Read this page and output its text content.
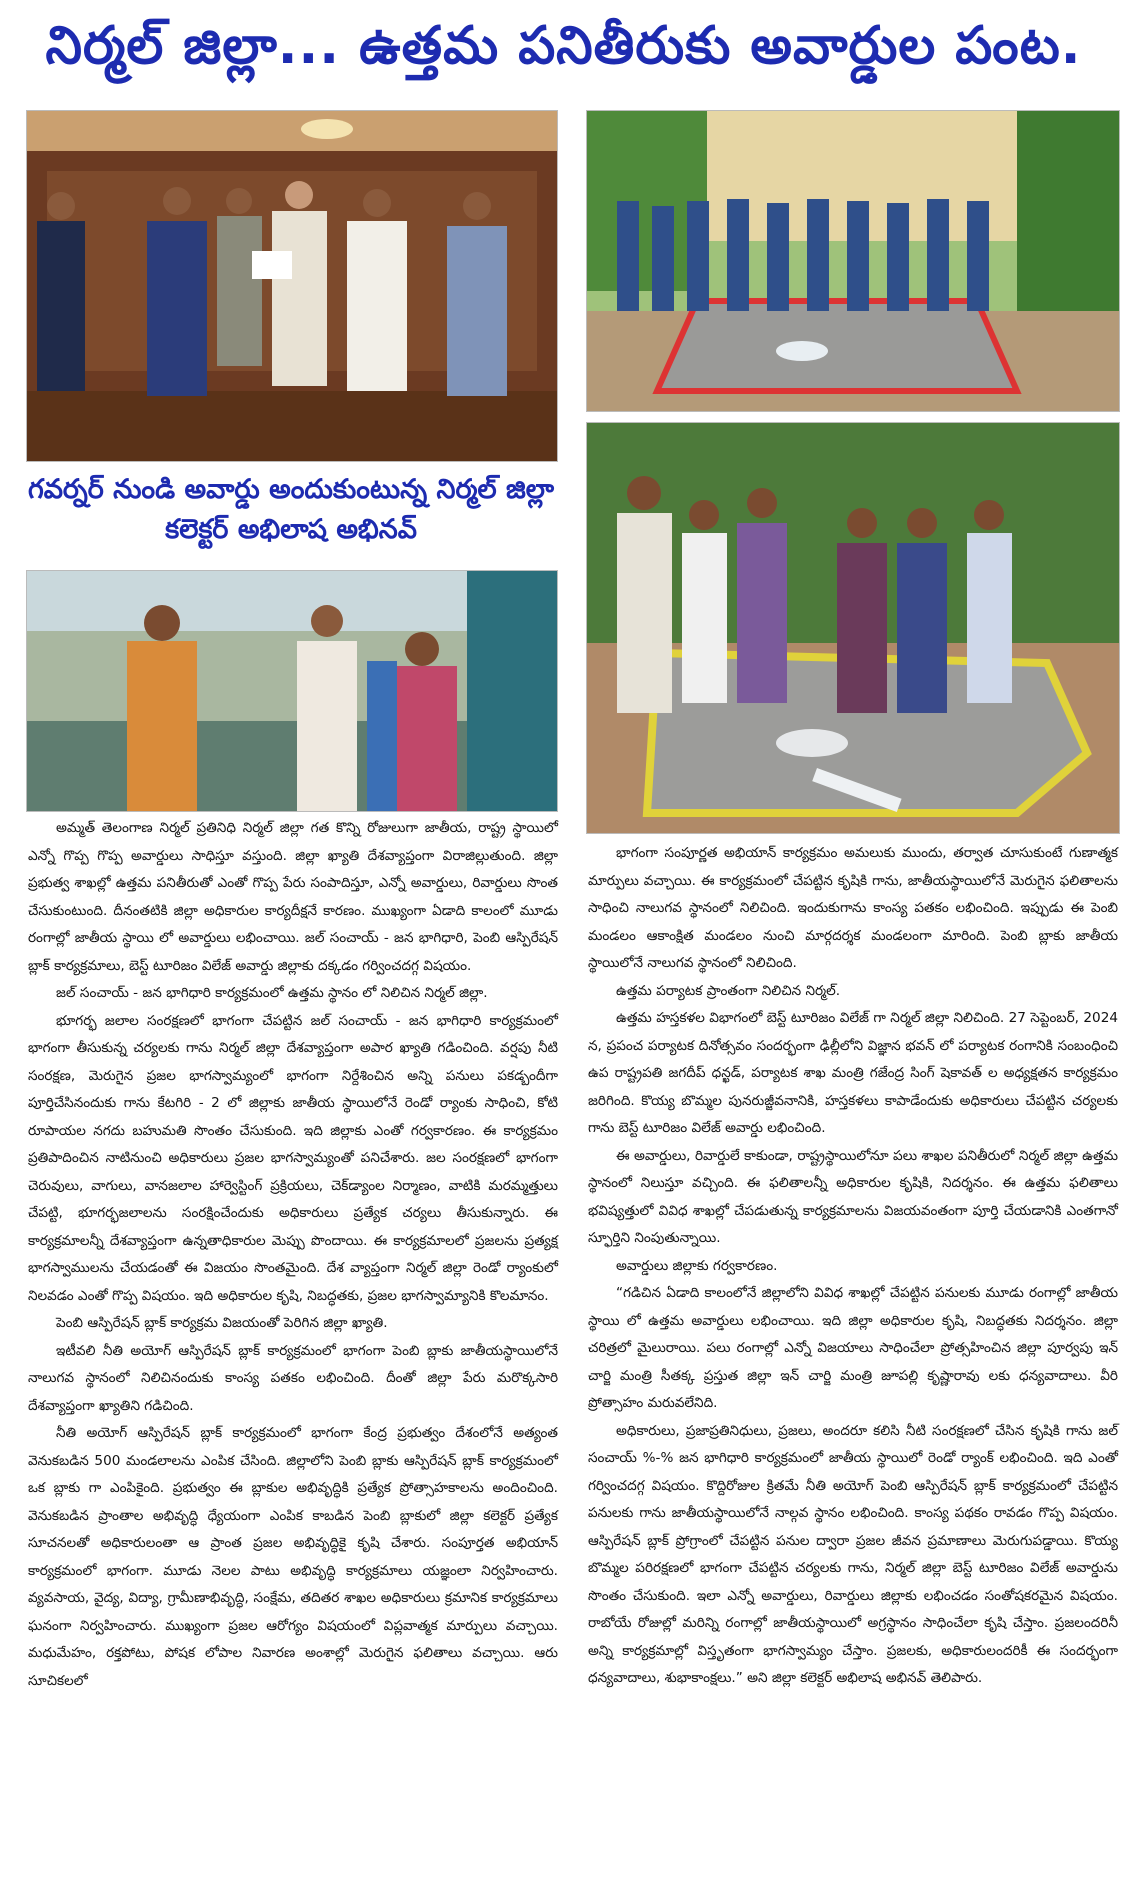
నిర్మల్ జిల్లా... ఉత్తమ పనితీరుకు అవార్డుల పంట.
గవర్నర్ నుండి అవార్డు అందుకుంటున్న నిర్మల్ జిల్లా కలెక్టర్ అభిలాష అభినవ్

అమ్మత్ తెలంగాణ నిర్మల్ ప్రతినిధి నిర్మల్ జిల్లా గత కొన్ని రోజులుగా జాతీయ, రాష్ట్ర స్థాయిలో ఎన్నో గొప్ప గొప్ప అవార్డులు సాధిస్తూ వస్తుంది. జిల్లా ఖ్యాతి దేశవ్యాప్తంగా విరాజిల్లుతుంది. జిల్లా ప్రభుత్వ శాఖల్లో ఉత్తమ పనితీరుతో ఎంతో గొప్ప పేరు సంపాదిస్తూ, ఎన్నో అవార్డులు, రివార్డులు సొంత చేసుకుంటుంది. దీనంతటికి జిల్లా అధికారుల కార్యదీక్షనే కారణం. ముఖ్యంగా ఏడాది కాలంలో మూడు రంగాల్లో జాతీయ స్థాయి లో అవార్డులు లభించాయి. జల్ సంచాయ్ - జన భాగిధారి, పెంబి ఆస్పిరేషన్ బ్లాక్ కార్యక్రమాలు, బెస్ట్ టూరిజం విలేజ్ అవార్డు జిల్లాకు దక్కడం గర్వించదగ్గ విషయం.

జల్ సంచాయ్ - జన భాగిధారి కార్యక్రమంలో ఉత్తమ స్థానం లో నిలిచిన నిర్మల్ జిల్లా.

భూగర్భ జలాల సంరక్షణలో భాగంగా చేపట్టిన జల్ సంచాయ్ - జన భాగిధారి కార్యక్రమంలో భాగంగా తీసుకున్న చర్యలకు గాను నిర్మల్ జిల్లా దేశవ్యాప్తంగా అపార ఖ్యాతి గడించింది. వర్షపు నీటి సంరక్షణ, మెరుగైన ప్రజల భాగస్వామ్యంలో భాగంగా నిర్దేశించిన అన్ని పనులు పకడ్బందీగా పూర్తిచేసినందుకు గాను కేటగిరి - 2 లో జిల్లాకు జాతీయ స్థాయిలోనే రెండో ర్యాంకు సాధించి, కోటి రూపాయల నగదు బహుమతి సొంతం చేసుకుంది. ఇది జిల్లాకు ఎంతో గర్వకారణం. ఈ కార్యక్రమం ప్రతిపాదించిన నాటినుంచి అధికారులు ప్రజల భాగస్వామ్యంతో పనిచేశారు. జల సంరక్షణలో భాగంగా చెరువులు, వాగులు, వానజలాల హార్వెస్టింగ్ ప్రక్రియలు, చెక్‌డ్యాంల నిర్మాణం, వాటికి మరమ్మత్తులు చేపట్టి, భూగర్భజలాలను సంరక్షించేందుకు అధికారులు ప్రత్యేక చర్యలు తీసుకున్నారు. ఈ కార్యక్రమాలన్నీ దేశవ్యాప్తంగా ఉన్నతాధికారుల మెప్పు పొందాయి. ఈ కార్యక్రమాలలో ప్రజలను ప్రత్యక్ష భాగస్వాములను చేయడంతో ఈ విజయం సొంతమైంది. దేశ వ్యాప్తంగా నిర్మల్ జిల్లా రెండో ర్యాంకులో నిలవడం ఎంతో గొప్ప విషయం. ఇది అధికారుల కృషి, నిబద్ధతకు, ప్రజల భాగస్వామ్యానికి కొలమానం.

పెంబి ఆస్పిరేషన్ బ్లాక్ కార్యక్రమ విజయంతో పెరిగిన జిల్లా ఖ్యాతి.

ఇటీవలి నీతి అయోగ్ ఆస్పిరేషన్ బ్లాక్ కార్యక్రమంలో భాగంగా పెంబి బ్లాకు జాతీయస్థాయిలోనే నాలుగవ స్థానంలో నిలిచినందుకు కాంస్య పతకం లభించింది. దీంతో జిల్లా పేరు మరొక్కసారి దేశవ్యాప్తంగా ఖ్యాతిని గడిచింది.

నీతి అయోగ్ ఆస్పిరేషన్ బ్లాక్ కార్యక్రమంలో భాగంగా కేంద్ర ప్రభుత్వం దేశంలోనే అత్యంత వెనుకబడిన 500 మండలాలను ఎంపిక చేసింది. జిల్లాలోని పెంబి బ్లాకు ఆస్పిరేషన్ బ్లాక్ కార్యక్రమంలో ఒక బ్లాకు గా ఎంపికైంది. ప్రభుత్వం ఈ బ్లాకుల అభివృద్ధికి ప్రత్యేక ప్రోత్సాహకాలను అందించింది. వెనుకబడిన ప్రాంతాల అభివృద్ధి ధ్యేయంగా ఎంపిక కాబడిన పెంబి బ్లాకులో జిల్లా కలెక్టర్ ప్రత్యేక సూచనలతో అధికారులంతా ఆ ప్రాంత ప్రజల అభివృద్ధికై కృషి చేశారు. సంపూర్తత అభియాన్ కార్యక్రమంలో భాగంగా. మూడు నెలల పాటు అభివృద్ధి కార్యక్రమాలు యజ్ఞంలా నిర్వహించారు. వ్యవసాయ, వైద్య, విద్యా, గ్రామీణాభివృద్ధి, సంక్షేమ, తదితర శాఖల అధికారులు క్రమానిక కార్యక్రమాలు ఘనంగా నిర్వహించారు. ముఖ్యంగా ప్రజల ఆరోగ్యం విషయంలో విప్లవాత్మక మార్పులు వచ్చాయి. మధుమేహం, రక్తపోటు, పోషక లోపాల నివారణ అంశాల్లో మెరుగైన ఫలితాలు వచ్చాయి. ఆరు సూచికలలో

భాగంగా సంపూర్ణత అభియాన్ కార్యక్రమం అమలుకు ముందు, తర్వాత చూసుకుంటే గుణాత్మక మార్పులు వచ్చాయి. ఈ కార్యక్రమంలో చేపట్టిన కృషికి గాను, జాతీయస్థాయిలోనే మెరుగైన ఫలితాలను సాధించి నాలుగవ స్థానంలో నిలిచింది. ఇందుకుగాను కాంస్య పతకం లభించింది. ఇప్పుడు ఈ పెంబి మండలం ఆకాంక్షిత మండలం నుంచి మార్గదర్శక మండలంగా మారింది. పెంబి బ్లాకు జాతీయ స్థాయిలోనే నాలుగవ స్థానంలో నిలిచింది.

ఉత్తమ పర్యాటక ప్రాంతంగా నిలిచిన నిర్మల్.

ఉత్తమ హస్తకళల విభాగంలో బెస్ట్ టూరిజం విలేజ్ గా నిర్మల్ జిల్లా నిలిచింది. 27 సెప్టెంబర్, 2024 న, ప్రపంచ పర్యాటక దినోత్సవం సందర్భంగా ఢిల్లీలోని విజ్ఞాన భవన్ లో పర్యాటక రంగానికి సంబంధించి ఉప రాష్ట్రపతి జగదీప్ ధన్ఖడ్, పర్యాటక శాఖ మంత్రి గజేంద్ర సింగ్ షెకావత్ ల అధ్యక్షతన కార్యక్రమం జరిగింది. కొయ్య బొమ్మల పునరుజ్జీవనానికి, హస్తకళలు కాపాడేందుకు అధికారులు చేపట్టిన చర్యలకు గాను బెస్ట్ టూరిజం విలేజ్ అవార్డు లభించింది.

ఈ అవార్డులు, రివార్డులే కాకుండా, రాష్ట్రస్థాయిలోనూ పలు శాఖల పనితీరులో నిర్మల్ జిల్లా ఉత్తమ స్థానంలో నిలుస్తూ వచ్చింది. ఈ ఫలితాలన్నీ అధికారుల కృషికి, నిదర్శనం. ఈ ఉత్తమ ఫలితాలు భవిష్యత్తులో వివిధ శాఖల్లో చేపడుతున్న కార్యక్రమాలను విజయవంతంగా పూర్తి చేయడానికి ఎంతగానో స్ఫూర్తిని నింపుతున్నాయి.

అవార్డులు జిల్లాకు గర్వకారణం.

“గడిచిన ఏడాది కాలంలోనే జిల్లాలోని వివిధ శాఖల్లో చేపట్టిన పనులకు మూడు రంగాల్లో జాతీయ స్థాయి లో ఉత్తమ అవార్డులు లభించాయి. ఇది జిల్లా అధికారుల కృషి, నిబద్ధతకు నిదర్శనం. జిల్లా చరిత్రలో మైలురాయి. పలు రంగాల్లో ఎన్నో విజయాలు సాధించేలా ప్రోత్సహించిన జిల్లా పూర్వపు ఇన్ చార్జి మంత్రి సీతక్క ప్రస్తుత జిల్లా ఇన్ చార్జి మంత్రి జూపల్లి కృష్ణారావు లకు ధన్యవాదాలు. వీరి ప్రోత్సాహం మరువలేనిది.

అధికారులు, ప్రజాప్రతినిధులు, ప్రజలు, అందరూ కలిసి నీటి సంరక్షణలో చేసిన కృషికి గాను జల్ సంచాయ్ %-% జన భాగిధారి కార్యక్రమంలో జాతీయ స్థాయిలో రెండో ర్యాంక్ లభించింది. ఇది ఎంతో గర్వించదగ్గ విషయం. కొద్దిరోజుల క్రితమే నీతి అయోగ్ పెంబి ఆస్పిరేషన్ బ్లాక్ కార్యక్రమంలో చేపట్టిన పనులకు గాను జాతీయస్థాయిలోనే నాల్గవ స్థానం లభించింది. కాంస్య పథకం రావడం గొప్ప విషయం. ఆస్పిరేషన్ బ్లాక్ ప్రోగ్రాంలో చేపట్టిన పనుల ద్వారా ప్రజల జీవన ప్రమాణాలు మెరుగుపడ్డాయి. కొయ్య బొమ్మల పరిరక్షణలో భాగంగా చేపట్టిన చర్యలకు గాను, నిర్మల్ జిల్లా బెస్ట్ టూరిజం విలేజ్ అవార్డును సొంతం చేసుకుంది. ఇలా ఎన్నో అవార్డులు, రివార్డులు జిల్లాకు లభించడం సంతోషకరమైన విషయం. రాబోయే రోజుల్లో మరిన్ని రంగాల్లో జాతీయస్థాయిలో అగ్రస్థానం సాధించేలా కృషి చేస్తాం. ప్రజలందరినీ అన్ని కార్యక్రమాల్లో విస్తృతంగా భాగస్వామ్యం చేస్తాం. ప్రజలకు, అధికారులందరికీ ఈ సందర్భంగా ధన్యవాదాలు, శుభాకాంక్షలు.” అని జిల్లా కలెక్టర్ అభిలాష అభినవ్ తెలిపారు.
